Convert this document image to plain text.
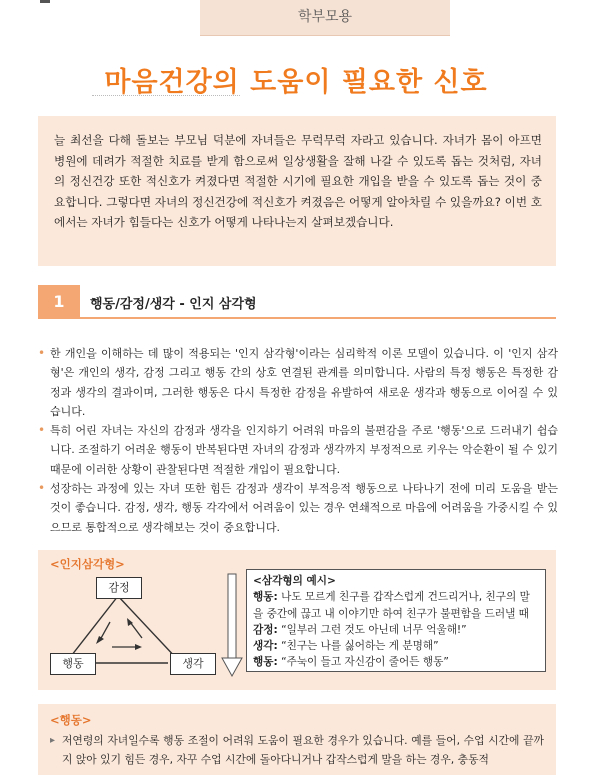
학부모용
마음건강의 도움이 필요한 신호
늘 최선을 다해 돌보는 부모님 덕분에 자녀들은 무럭무럭 자라고 있습니다. 자녀가 몸이 아프면 병원에 데려가 적절한 치료를 받게 함으로써 일상생활을 잘해 나갈 수 있도록 돕는 것처럼, 자녀의 정신건강 또한 적신호가 켜졌다면 적절한 시기에 필요한 개입을 받을 수 있도록 돕는 것이 중요합니다. 그렇다면 자녀의 정신건강에 적신호가 켜졌음은 어떻게 알아차릴 수 있을까요? 이번 호에서는 자녀가 힘들다는 신호가 어떻게 나타나는지 살펴보겠습니다.
1	행동/감정/생각 - 인지 삼각형

• 한 개인을 이해하는 데 많이 적용되는 '인지 삼각형'이라는 심리학적 이론 모델이 있습니다. 이 '인지 삼각형'은 개인의 생각, 감정 그리고 행동 간의 상호 연결된 관계를 의미합니다. 사람의 특정 행동은 특정한 감정과 생각의 결과이며, 그러한 행동은 다시 특정한 감정을 유발하여 새로운 생각과 행동으로 이어질 수 있습니다.

• 특히 어린 자녀는 자신의 감정과 생각을 인지하기 어려워 마음의 불편감을 주로 '행동'으로 드러내기 쉽습니다. 조절하기 어려운 행동이 반복된다면 자녀의 감정과 생각까지 부정적으로 키우는 악순환이 될 수 있기 때문에 이러한 상황이 관찰된다면 적절한 개입이 필요합니다.

• 성장하는 과정에 있는 자녀 또한 힘든 감정과 생각이 부적응적 행동으로 나타나기 전에 미리 도움을 받는 것이 좋습니다. 감정, 생각, 행동 각각에서 어려움이 있는 경우 연쇄적으로 마음에 어려움을 가중시킬 수 있으므로 통합적으로 생각해보는 것이 중요합니다.

<인지삼각형>
감정
행동	생각
<삼각형의 예시>
행동: 나도 모르게 친구를 갑작스럽게 건드리거나, 친구의 말을 중간에 끊고 내 이야기만 하여 친구가 불편함을 드러낼 때
감정: “일부러 그런 것도 아닌데 너무 억울해!”
생각: “친구는 나를 싫어하는 게 분명해”
행동: “주눅이 들고 자신감이 줄어든 행동”
<행동>

▸ 저연령의 자녀일수록 행동 조절이 어려워 도움이 필요한 경우가 있습니다. 예를 들어, 수업 시간에 끝까지 앉아 있기 힘든 경우, 자꾸 수업 시간에 돌아다니거나 갑작스럽게 말을 하는 경우, 충동적
